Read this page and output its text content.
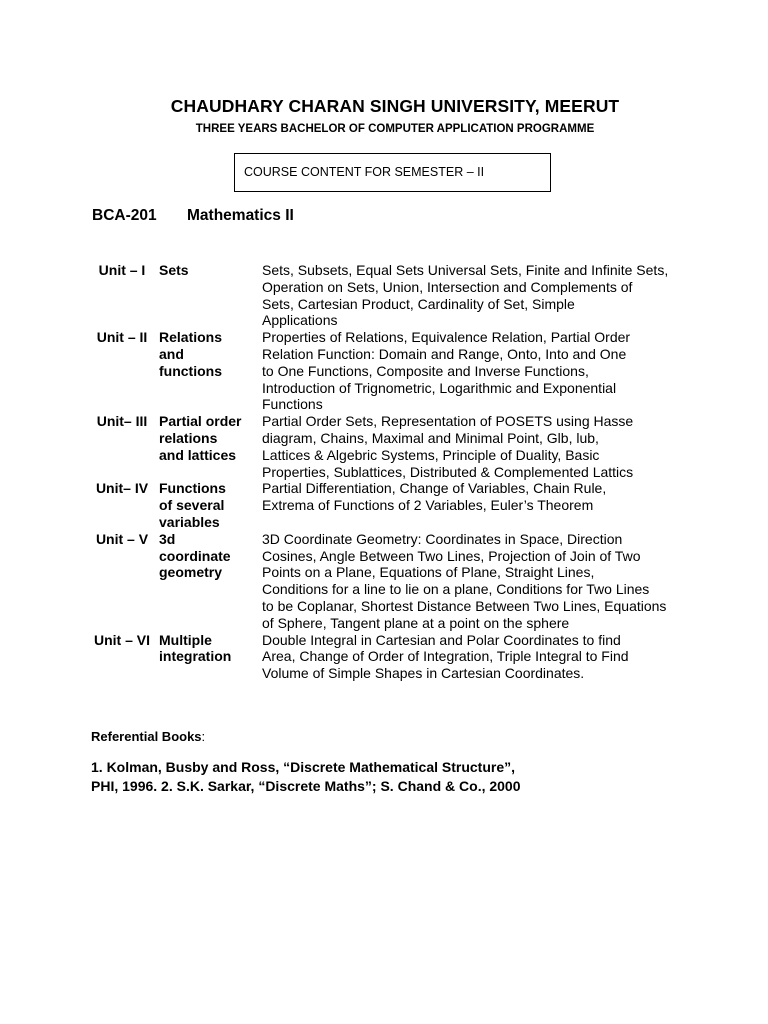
CHAUDHARY CHARAN SINGH UNIVERSITY, MEERUT
THREE YEARS BACHELOR OF COMPUTER APPLICATION PROGRAMME
COURSE CONTENT FOR SEMESTER – II
BCA-201 Mathematics II
Unit – I Sets	Sets, Subsets, Equal Sets Universal Sets, Finite and Infinite Sets,
Operation on Sets, Union, Intersection and Complements of
Sets, Cartesian Product, Cardinality of Set, Simple
Applications
Unit – II Relations
and
functions
Properties of Relations, Equivalence Relation, Partial Order
Relation Function: Domain and Range, Onto, Into and One
to One Functions, Composite and Inverse Functions,
Introduction of Trignometric, Logarithmic and Exponential
Functions
Unit– III Partial order
relations
and lattices
Partial Order Sets, Representation of POSETS using Hasse
diagram, Chains, Maximal and Minimal Point, Glb, lub,
Lattices & Algebric Systems, Principle of Duality, Basic
Properties, Sublattices, Distributed & Complemented Lattics
Unit– IV Functions
of several
variables
Partial Differentiation, Change of Variables, Chain Rule,
Extrema of Functions of 2 Variables, Euler’s Theorem
Unit – V 3d
coordinate
geometry
3D Coordinate Geometry: Coordinates in Space, Direction
Cosines, Angle Between Two Lines, Projection of Join of Two
Points on a Plane, Equations of Plane, Straight Lines,
Conditions for a line to lie on a plane, Conditions for Two Lines
to be Coplanar, Shortest Distance Between Two Lines, Equations
of Sphere, Tangent plane at a point on the sphere
Unit – VI Multiple
integration
Double Integral in Cartesian and Polar Coordinates to find
Area, Change of Order of Integration, Triple Integral to Find
Volume of Simple Shapes in Cartesian Coordinates.
Referential Books:
1. Kolman, Busby and Ross, “Discrete Mathematical Structure”,
PHI, 1996. 2. S.K. Sarkar, “Discrete Maths”; S. Chand & Co., 2000
